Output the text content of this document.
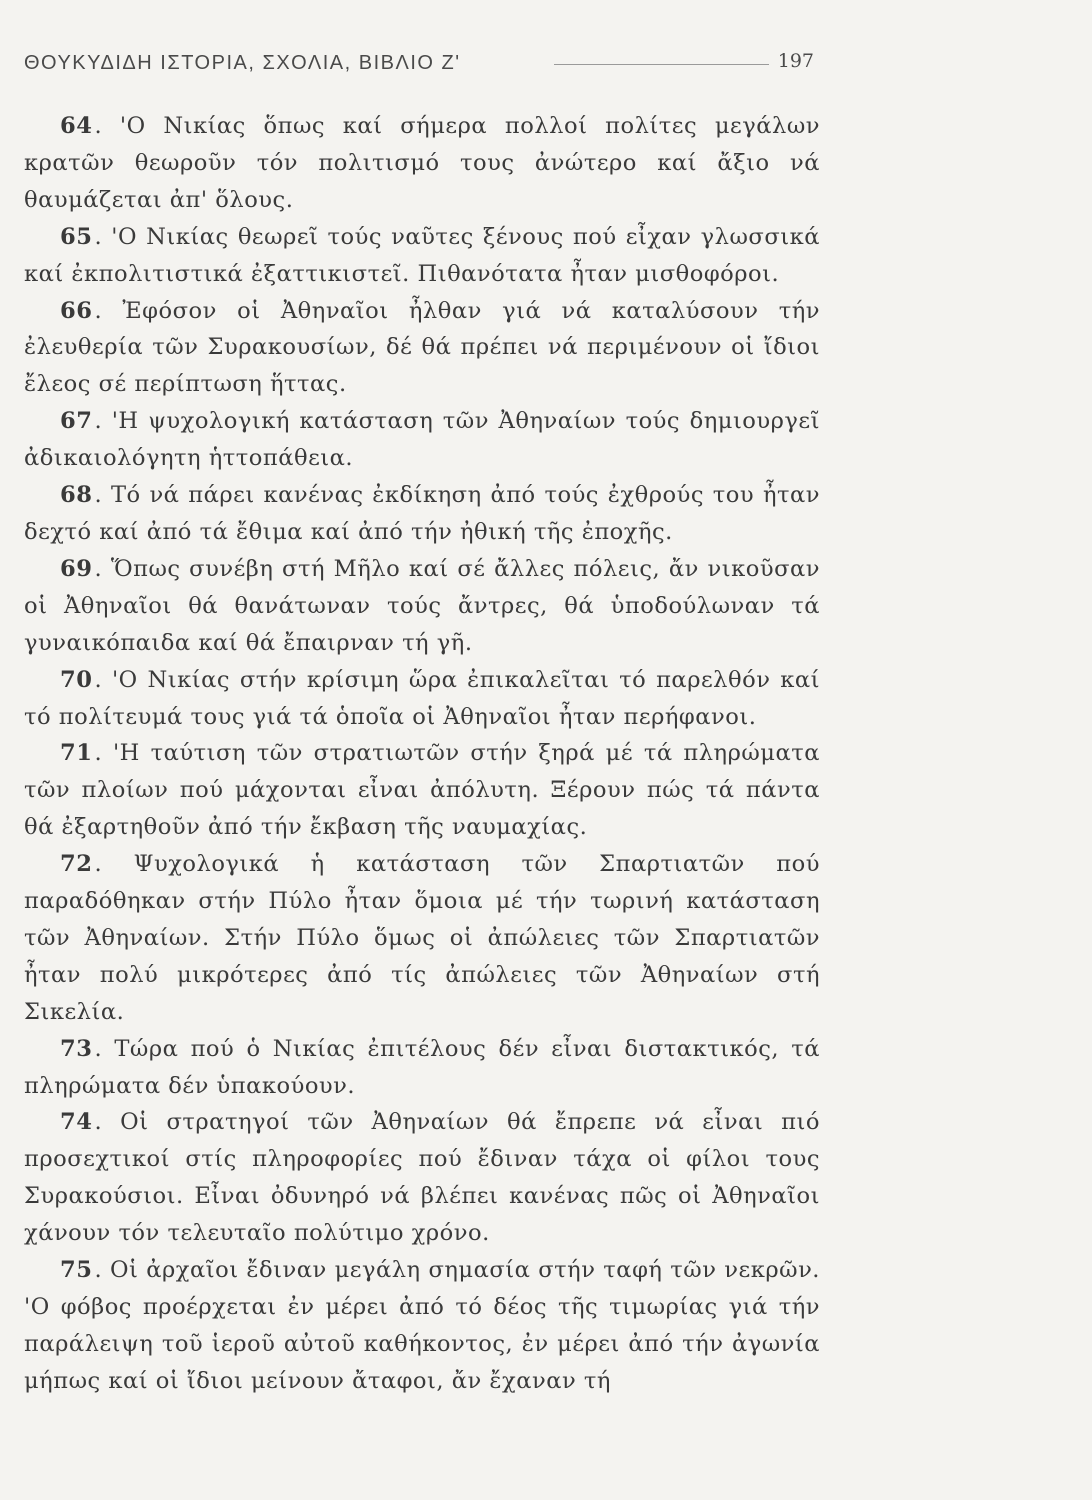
ΘΟΥΚΥΔΙΔΗ ΙΣΤΟΡΙΑ, ΣΧΟΛΙΑ, ΒΙΒΛΙΟ Ζ'	197

64. 'Ο Νικίας ὅπως καί σήμερα πολλοί πολίτες μεγάλων κρατῶν θεωροῦν τόν πολιτισμό τους ἀνώτερο καί ἄξιο νά θαυμάζεται ἀπ' ὅλους.

65. 'Ο Νικίας θεωρεῖ τούς ναῦτες ξένους πού εἶχαν γλωσσικά καί ἐκπολιτιστικά ἐξαττικιστεῖ. Πιθανότατα ἦταν μισθοφόροι.

66. Ἐφόσον οἱ Ἀθηναῖοι ἦλθαν γιά νά καταλύσουν τήν ἐλευθερία τῶν Συρακουσίων, δέ θά πρέπει νά περιμένουν οἱ ἴδιοι ἔλεος σέ περίπτωση ἥττας.

67. 'Η ψυχολογική κατάσταση τῶν Ἀθηναίων τούς δημιουργεῖ ἀδικαιολόγητη ἡττοπάθεια.

68. Τό νά πάρει κανένας ἐκδίκηση ἀπό τούς ἐχθρούς του ἦταν δεχτό καί ἀπό τά ἔθιμα καί ἀπό τήν ἠθική τῆς ἐποχῆς.

69. Ὅπως συνέβη στή Μῆλο καί σέ ἄλλες πόλεις, ἄν νικοῦσαν οἱ Ἀθηναῖοι θά θανάτωναν τούς ἄντρες, θά ὑποδούλωναν τά γυναικόπαιδα καί θά ἔπαιρναν τή γῆ.

70. 'Ο Νικίας στήν κρίσιμη ὥρα ἐπικαλεῖται τό παρελθόν καί τό πολίτευμά τους γιά τά ὁποῖα οἱ Ἀθηναῖοι ἦταν περήφανοι.

71. 'Η ταύτιση τῶν στρατιωτῶν στήν ξηρά μέ τά πληρώματα τῶν πλοίων πού μάχονται εἶναι ἀπόλυτη. Ξέρουν πώς τά πάντα θά ἐξαρτηθοῦν ἀπό τήν ἔκβαση τῆς ναυμαχίας.

72. Ψυχολογικά ἡ κατάσταση τῶν Σπαρτιατῶν πού παραδόθηκαν στήν Πύλο ἦταν ὅμοια μέ τήν τωρινή κατάσταση τῶν Ἀθηναίων. Στήν Πύλο ὅμως οἱ ἀπώλειες τῶν Σπαρτιατῶν ἦταν πολύ μικρότερες ἀπό τίς ἀπώλειες τῶν Ἀθηναίων στή Σικελία.

73. Τώρα πού ὁ Νικίας ἐπιτέλους δέν εἶναι διστακτικός, τά πληρώματα δέν ὑπακούουν.

74. Οἱ στρατηγοί τῶν Ἀθηναίων θά ἔπρεπε νά εἶναι πιό προσεχτικοί στίς πληροφορίες πού ἔδιναν τάχα οἱ φίλοι τους Συρακούσιοι. Εἶναι ὀδυνηρό νά βλέπει κανένας πῶς οἱ Ἀθηναῖοι χάνουν τόν τελευταῖο πολύτιμο χρόνο.

75. Οἱ ἀρχαῖοι ἔδιναν μεγάλη σημασία στήν ταφή τῶν νεκρῶν. 'Ο φόβος προέρχεται ἐν μέρει ἀπό τό δέος τῆς τιμωρίας γιά τήν παράλειψη τοῦ ἱεροῦ αὐτοῦ καθήκοντος, ἐν μέρει ἀπό τήν ἀγωνία μήπως καί οἱ ἴδιοι μείνουν ἄταφοι, ἄν ἔχαναν τή
